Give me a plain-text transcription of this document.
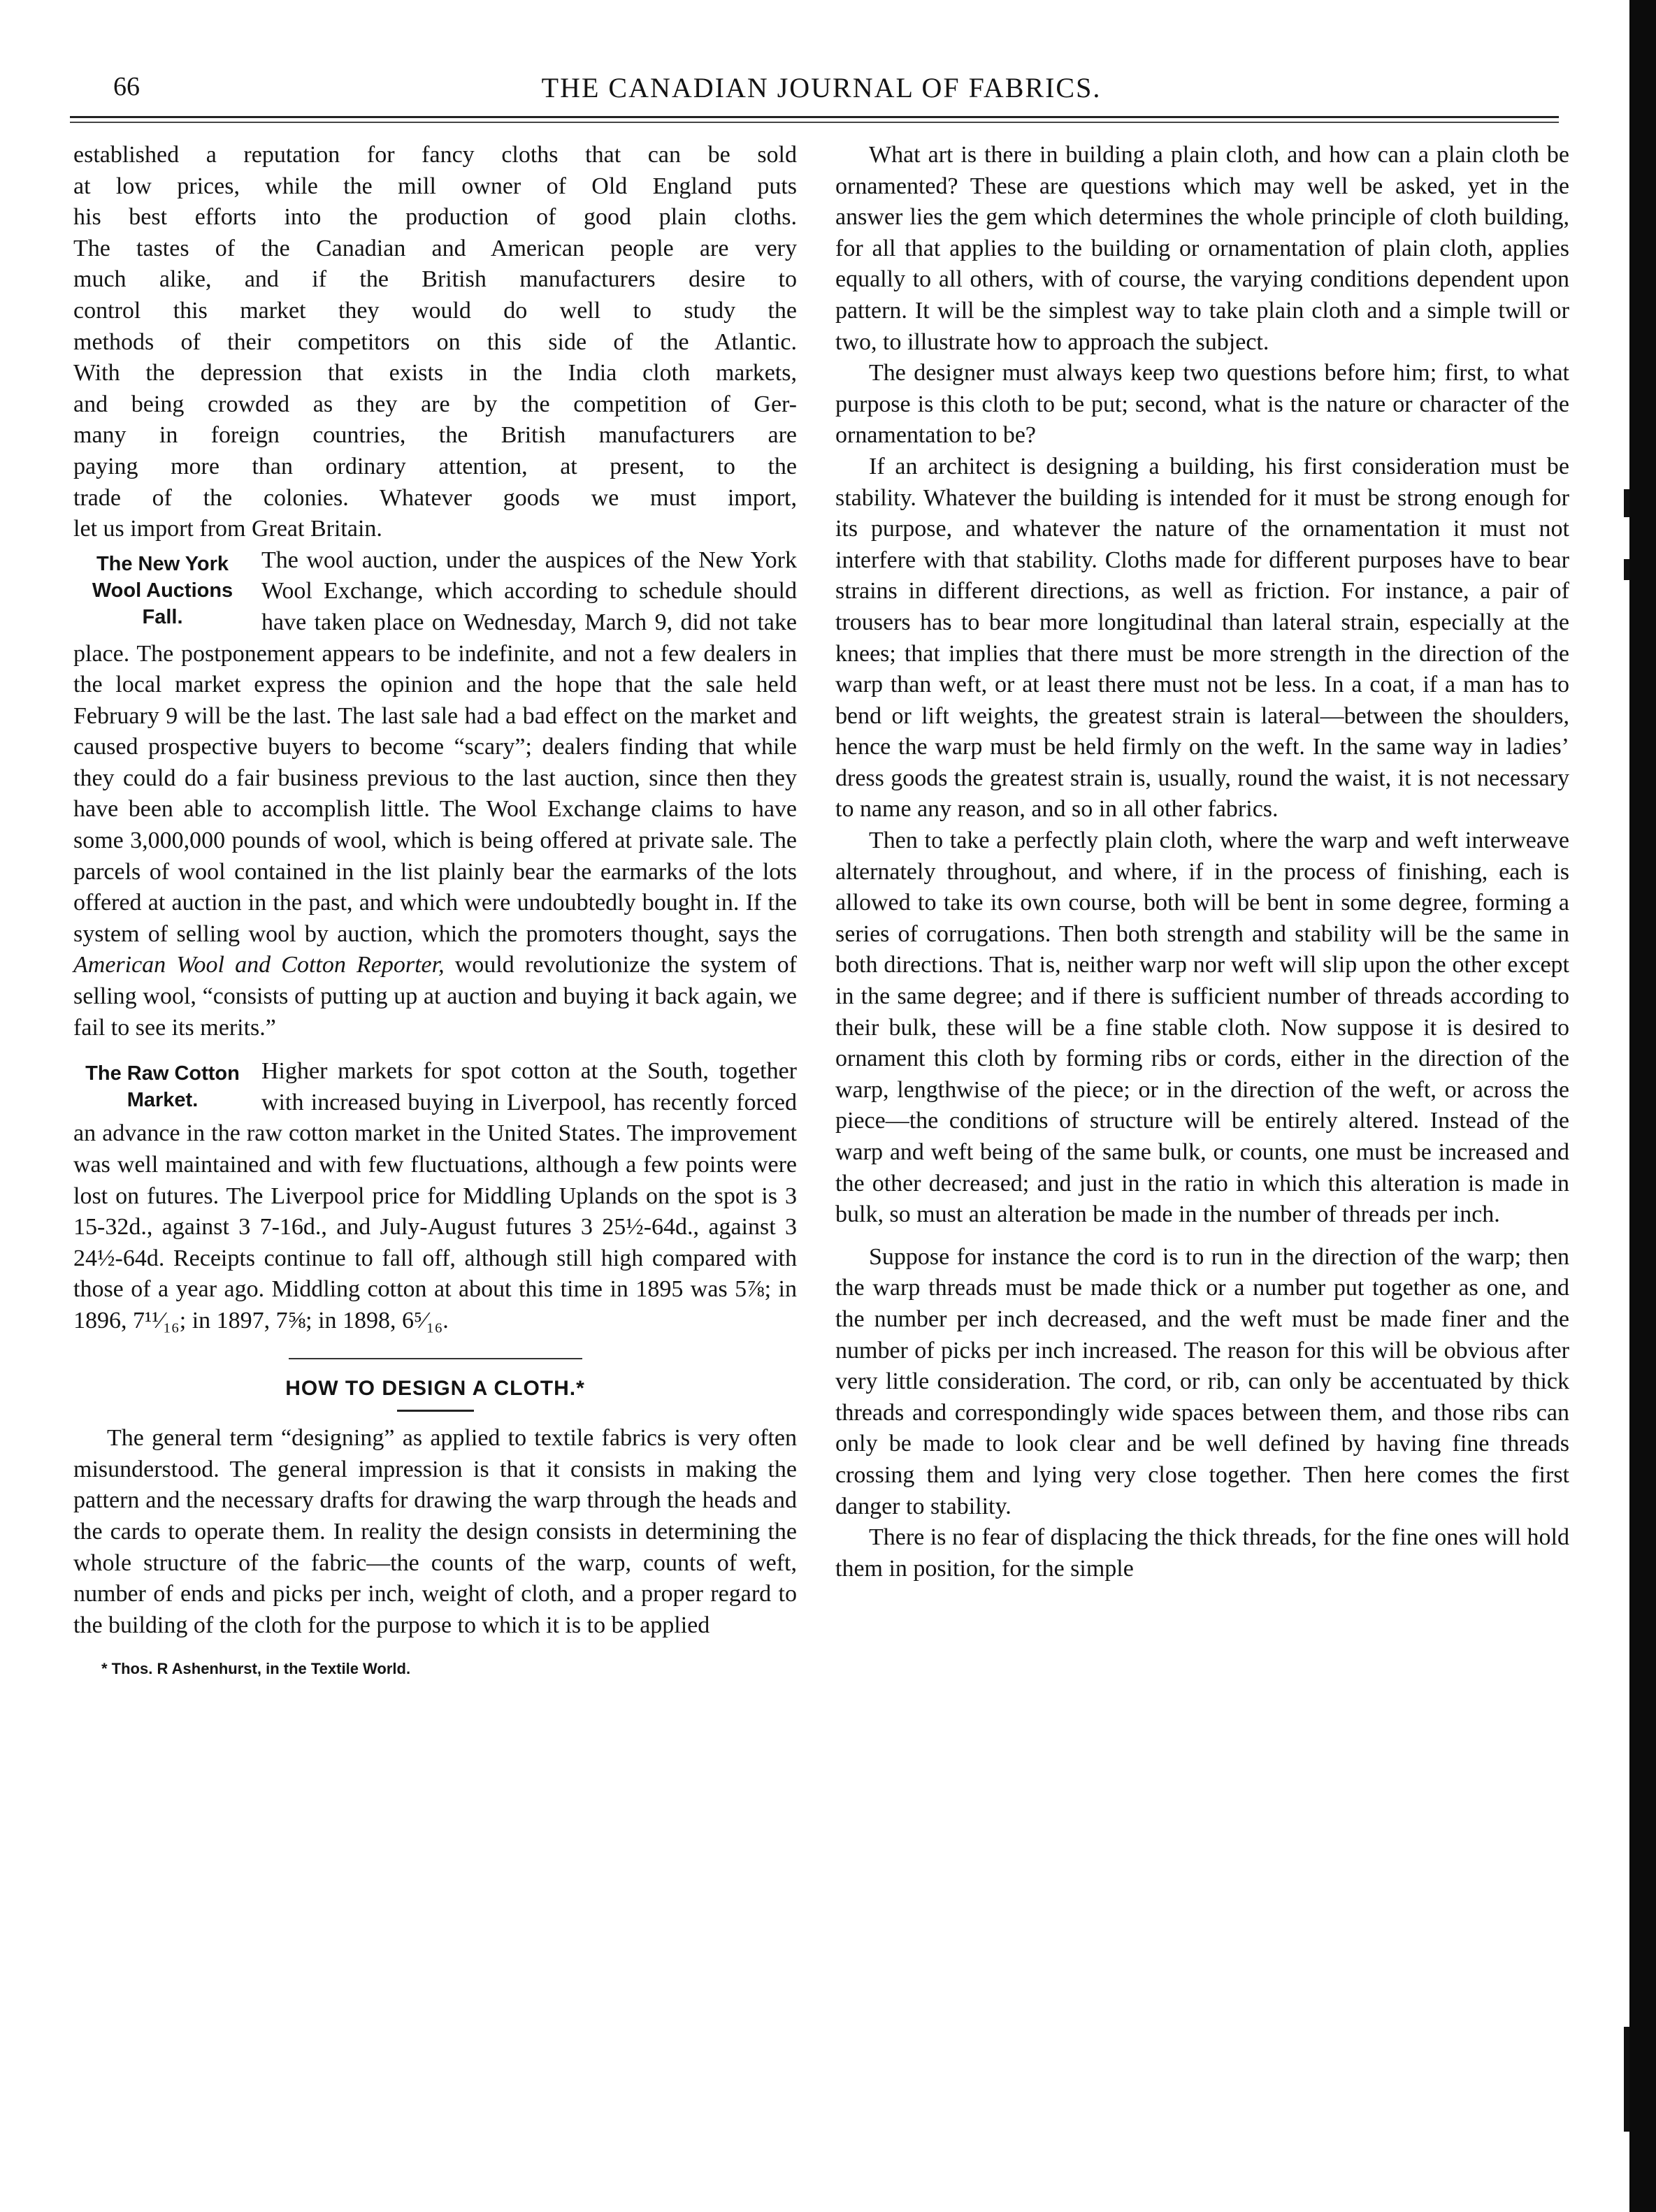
66	THE CANADIAN JOURNAL OF FABRICS.
established a reputation for fancy cloths that can be sold
at low prices, while the mill owner of Old England puts
his best efforts into the production of good plain cloths.
The tastes of the Canadian and American people are very
much alike, and if the British manufacturers desire to
control this market they would do well to study the
methods of their competitors on this side of the Atlantic.
With the depression that exists in the India cloth markets,
and being crowded as they are by the competition of Ger-
many in foreign countries, the British manufacturers are
paying more than ordinary attention, at present, to the
trade of the colonies. Whatever goods we must import,
let us import from Great Britain.
The New York Wool Auctions Fall.

The wool auction, under the auspices of the New York Wool Exchange, which according to schedule should have taken place on Wednesday, March 9, did not take place. The postponement appears to be indefinite, and not a few dealers in the local market express the opinion and the hope that the sale held February 9 will be the last. The last sale had a bad effect on the market and caused prospective buyers to become “scary”; dealers finding that while they could do a fair business previous to the last auction, since then they have been able to accomplish little. The Wool Exchange claims to have some 3,000,000 pounds of wool, which is being offered at private sale. The parcels of wool contained in the list plainly bear the earmarks of the lots offered at auction in the past, and which were undoubtedly bought in. If the system of selling wool by auction, which the promoters thought, says the American Wool and Cotton Reporter, would revolutionize the system of selling wool, “consists of putting up at auction and buying it back again, we fail to see its merits.”

The Raw Cotton Market.

Higher markets for spot cotton at the South, together with increased buying in Liverpool, has recently forced an advance in the raw cotton market in the United States. The improvement was well maintained and with few fluctuations, although a few points were lost on futures. The Liverpool price for Middling Uplands on the spot is 3 15-32d., against 3 7-16d., and July-August futures 3 25½-64d., against 3 24½-64d. Receipts continue to fall off, although still high compared with those of a year ago. Middling cotton at about this time in 1895 was 5⅞; in 1896, 7¹¹⁄₁₆; in 1897, 7⅝; in 1898, 6⁵⁄₁₆.

HOW TO DESIGN A CLOTH.*

The general term “designing” as applied to textile fabrics is very often misunderstood. The general impression is that it consists in making the pattern and the necessary drafts for drawing the warp through the heads and the cards to operate them. In reality the design consists in determining the whole structure of the fabric—the counts of the warp, counts of weft, number of ends and picks per inch, weight of cloth, and a proper regard to the building of the cloth for the purpose to which it is to be applied

* Thos. R Ashenhurst, in the Textile World.

What art is there in building a plain cloth, and how can a plain cloth be ornamented? These are questions which may well be asked, yet in the answer lies the gem which determines the whole principle of cloth building, for all that applies to the building or ornamentation of plain cloth, applies equally to all others, with of course, the varying conditions dependent upon pattern. It will be the simplest way to take plain cloth and a simple twill or two, to illustrate how to approach the subject.

The designer must always keep two questions before him; first, to what purpose is this cloth to be put; second, what is the nature or character of the ornamentation to be?

If an architect is designing a building, his first consideration must be stability. Whatever the building is intended for it must be strong enough for its purpose, and whatever the nature of the ornamentation it must not interfere with that stability. Cloths made for different purposes have to bear strains in different directions, as well as friction. For instance, a pair of trousers has to bear more longitudinal than lateral strain, especially at the knees; that implies that there must be more strength in the direction of the warp than weft, or at least there must not be less. In a coat, if a man has to bend or lift weights, the greatest strain is lateral—between the shoulders, hence the warp must be held firmly on the weft. In the same way in ladies’ dress goods the greatest strain is, usually, round the waist, it is not necessary to name any reason, and so in all other fabrics.

Then to take a perfectly plain cloth, where the warp and weft interweave alternately throughout, and where, if in the process of finishing, each is allowed to take its own course, both will be bent in some degree, forming a series of corrugations. Then both strength and stability will be the same in both directions. That is, neither warp nor weft will slip upon the other except in the same degree; and if there is sufficient number of threads according to their bulk, these will be a fine stable cloth. Now suppose it is desired to ornament this cloth by forming ribs or cords, either in the direction of the warp, lengthwise of the piece; or in the direction of the weft, or across the piece—the conditions of structure will be entirely altered. Instead of the warp and weft being of the same bulk, or counts, one must be increased and the other decreased; and just in the ratio in which this alteration is made in bulk, so must an alteration be made in the number of threads per inch.

Suppose for instance the cord is to run in the direction of the warp; then the warp threads must be made thick or a number put together as one, and the number per inch decreased, and the weft must be made finer and the number of picks per inch increased. The reason for this will be obvious after very little consideration. The cord, or rib, can only be accentuated by thick threads and correspondingly wide spaces between them, and those ribs can only be made to look clear and be well defined by having fine threads crossing them and lying very close together. Then here comes the first danger to stability.

There is no fear of displacing the thick threads, for the fine ones will hold them in position, for the simple
